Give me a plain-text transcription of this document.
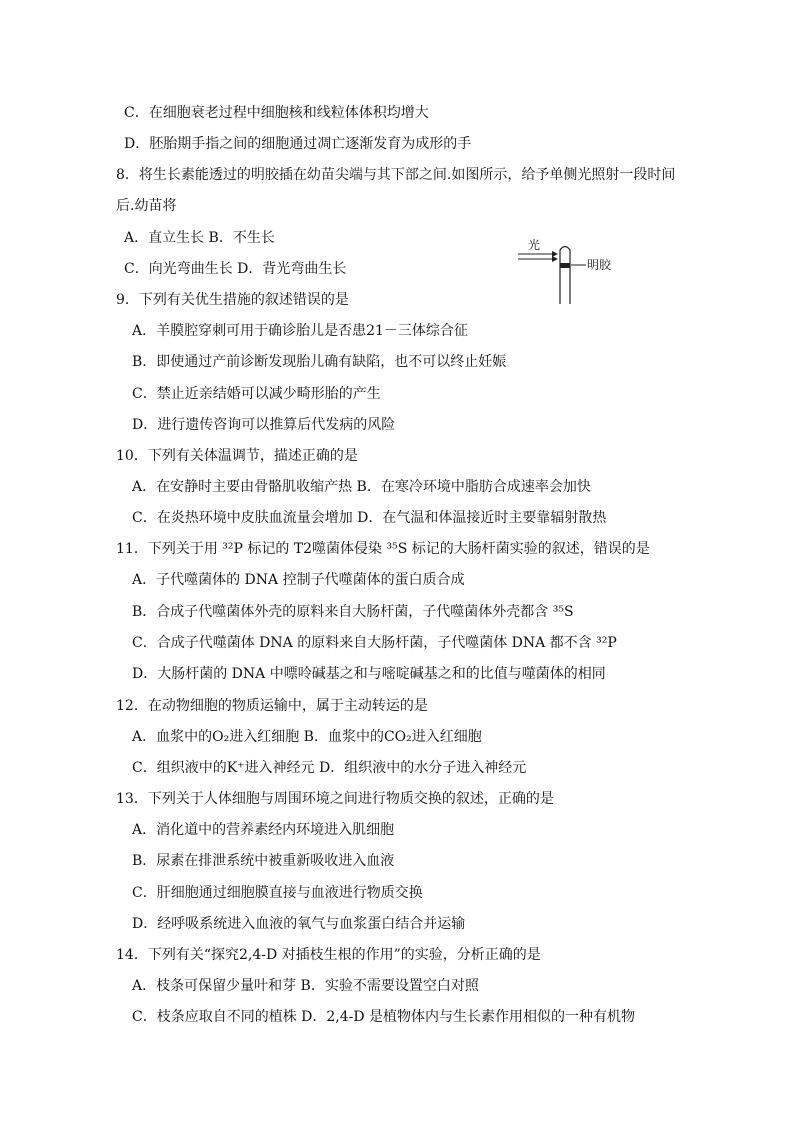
C．在细胞衰老过程中细胞核和线粒体体积均增大
D．胚胎期手指之间的细胞通过凋亡逐渐发育为成形的手
8．将生长素能透过的明胶插在幼苗尖端与其下部之间.如图所示，给予单侧光照射一段时间
后.幼苗将
A．直立生长 B．不生长
C．向光弯曲生长 D．背光弯曲生长
光
明胶
9．下列有关优生措施的叙述错误的是
A．羊膜腔穿刺可用于确诊胎儿是否患21－三体综合征
B．即使通过产前诊断发现胎儿确有缺陷，也不可以终止妊娠
C．禁止近亲结婚可以减少畸形胎的产生
D．进行遗传咨询可以推算后代发病的风险
10．下列有关体温调节，描述正确的是
A．在安静时主要由骨骼肌收缩产热 B．在寒冷环境中脂肪合成速率会加快
C．在炎热环境中皮肤血流量会增加 D．在气温和体温接近时主要靠辐射散热
11．下列关于用 ³²P 标记的 T2噬菌体侵染 ³⁵S 标记的大肠杆菌实验的叙述，错误的是
A．子代噬菌体的 DNA 控制子代噬菌体的蛋白质合成
B．合成子代噬菌体外壳的原料来自大肠杆菌，子代噬菌体外壳都含 ³⁵S
C．合成子代噬菌体 DNA 的原料来自大肠杆菌，子代噬菌体 DNA 都不含 ³²P
D．大肠杆菌的 DNA 中嘌呤碱基之和与嘧啶碱基之和的比值与噬菌体的相同
12．在动物细胞的物质运输中，属于主动转运的是
A．血浆中的O₂进入红细胞 B．血浆中的CO₂进入红细胞
C．组织液中的K⁺进入神经元 D．组织液中的水分子进入神经元
13．下列关于人体细胞与周围环境之间进行物质交换的叙述，正确的是
A．消化道中的营养素经内环境进入肌细胞
B．尿素在排泄系统中被重新吸收进入血液
C．肝细胞通过细胞膜直接与血液进行物质交换
D．经呼吸系统进入血液的氧气与血浆蛋白结合并运输
14．下列有关“探究2,4-D 对插枝生根的作用”的实验，分析正确的是
A．枝条可保留少量叶和芽 B．实验不需要设置空白对照
C．枝条应取自不同的植株 D．2,4-D 是植物体内与生长素作用相似的一种有机物
